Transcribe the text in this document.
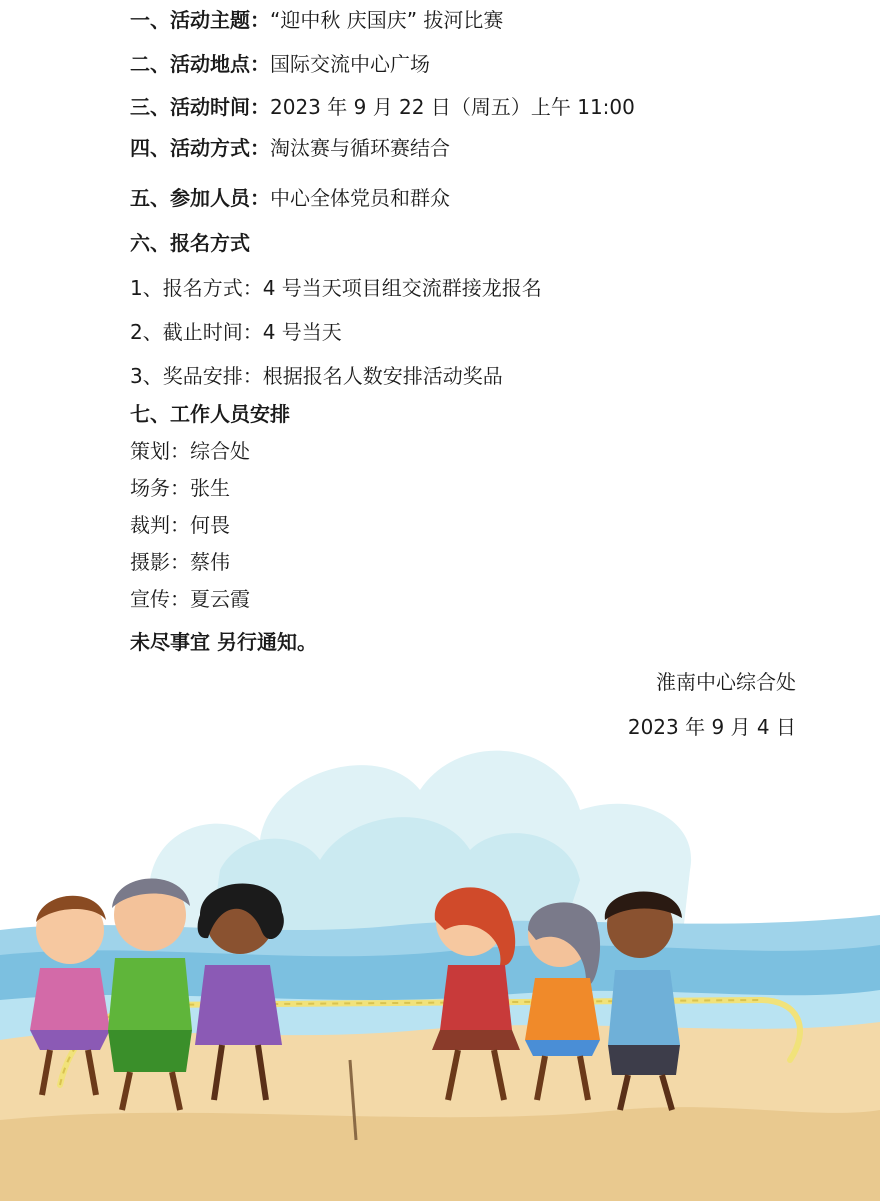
一、活动主题：“迎中秋 庆国庆” 拔河比赛
二、活动地点：国际交流中心广场
三、活动时间：2023 年 9 月 22 日（周五）上午 11:00
四、活动方式：淘汰赛与循环赛结合
五、参加人员：中心全体党员和群众
六、报名方式
1、报名方式：4 号当天项目组交流群接龙报名
2、截止时间：4 号当天
3、奖品安排：根据报名人数安排活动奖品
七、工作人员安排
策划：综合处
场务：张生
裁判：何畏
摄影：蔡伟
宣传：夏云霞
未尽事宜 另行通知。
淮南中心综合处
2023 年 9 月 4 日
